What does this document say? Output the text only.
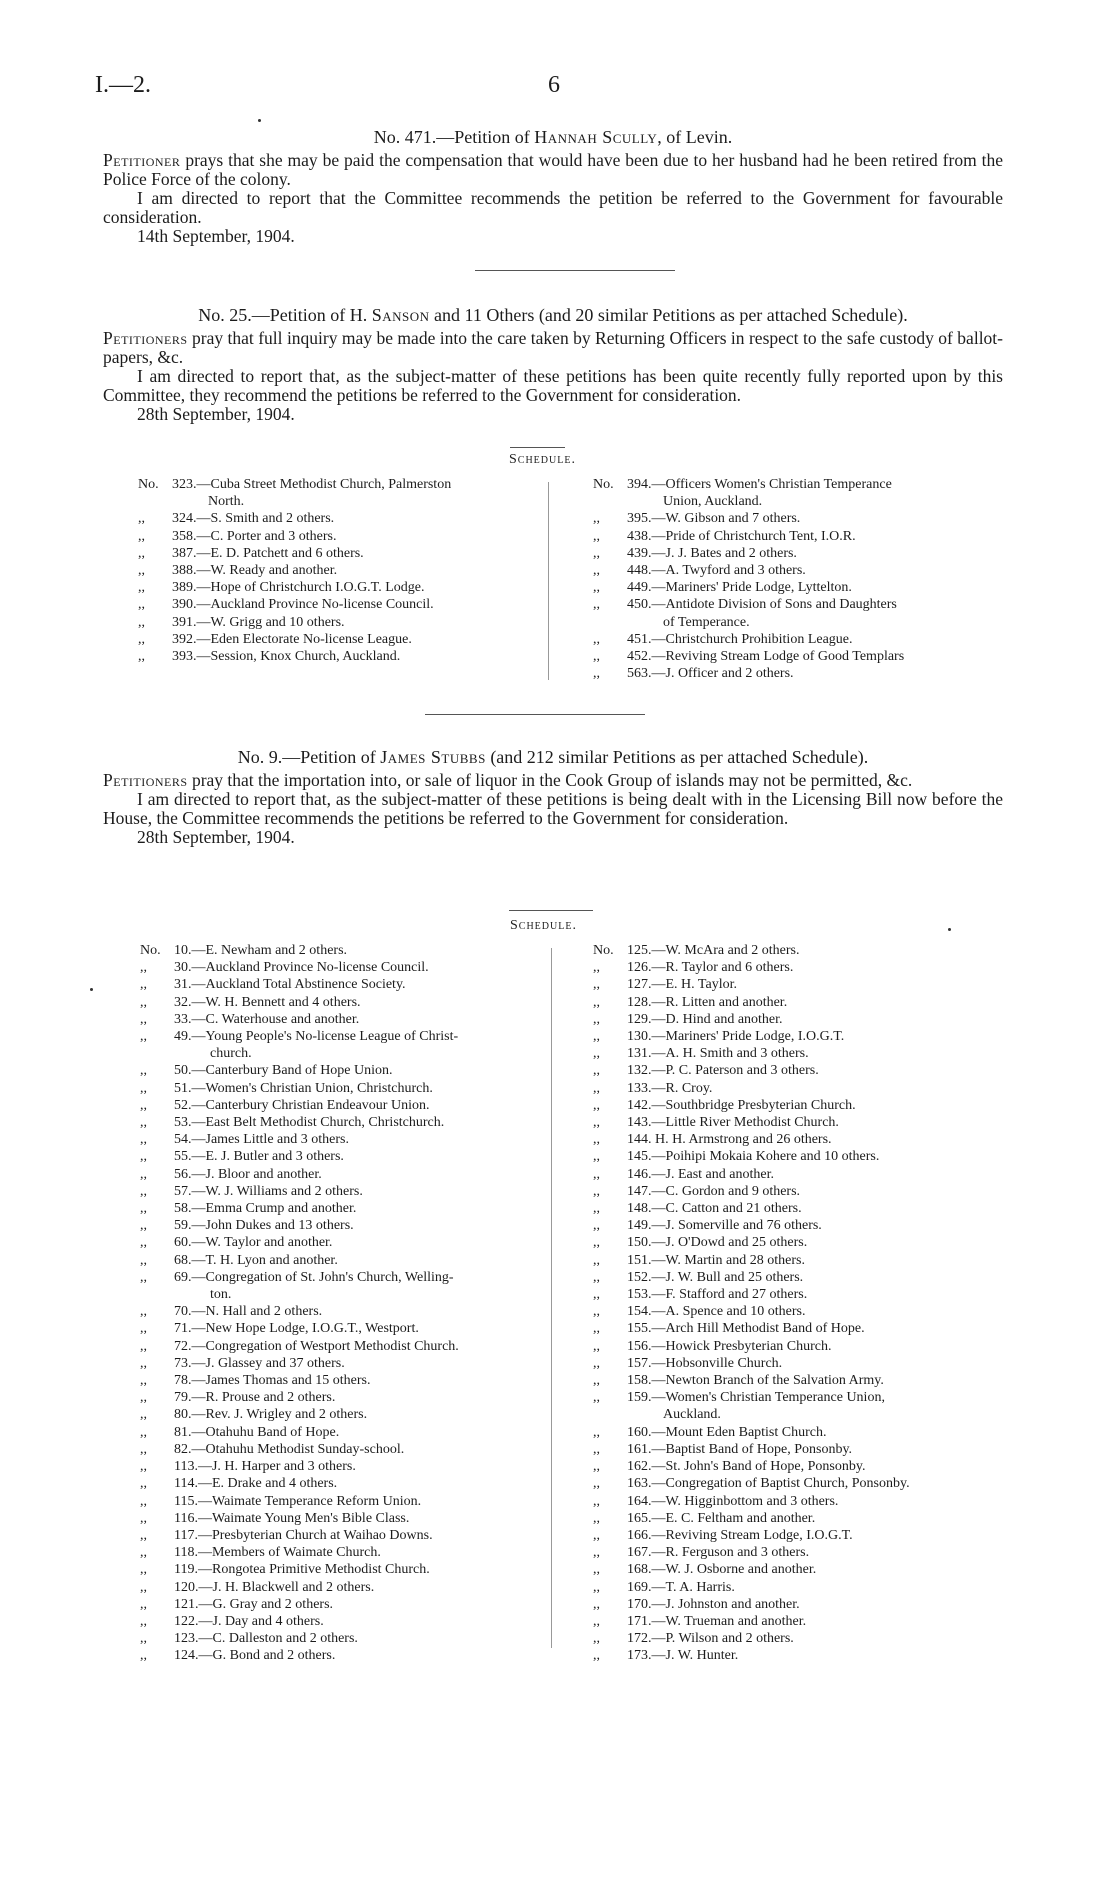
I.—2.	6

No. 471.—Petition of Hannah Scully, of Levin.

Petitioner prays that she may be paid the compensation that would have been due to her husband had he been retired from the Police Force of the colony.

I am directed to report that the Committee recommends the petition be referred to the Government for favourable consideration.

14th September, 1904.

No. 25.—Petition of H. Sanson and 11 Others (and 20 similar Petitions as per attached Schedule).

Petitioners pray that full inquiry may be made into the care taken by Returning Officers in respect to the safe custody of ballot-papers, &c.

I am directed to report that, as the subject-matter of these petitions has been quite recently fully reported upon by this Committee, they recommend the petitions be referred to the Government for consideration.

28th September, 1904.

Schedule.
No. 323.—Cuba Street Methodist Church, Palmerston
North.
,,	324.—S. Smith and 2 others.
,,	358.—C. Porter and 3 others.
,,	387.—E. D. Patchett and 6 others.
,,	388.—W. Ready and another.
,,	389.—Hope of Christchurch I.O.G.T. Lodge.
,,	390.—Auckland Province No-license Council.
,,	391.—W. Grigg and 10 others.
,,	392.—Eden Electorate No-license League.
,,	393.—Session, Knox Church, Auckland.
No. 394.—Officers Women's Christian Temperance
Union, Auckland.
,,	395.—W. Gibson and 7 others.
,,	438.—Pride of Christchurch Tent, I.O.R.
,,	439.—J. J. Bates and 2 others.
,,	448.—A. Twyford and 3 others.
,,	449.—Mariners' Pride Lodge, Lyttelton.
,,	450.—Antidote Division of Sons and Daughters
of Temperance.
,,	451.—Christchurch Prohibition League.
,,	452.—Reviving Stream Lodge of Good Templars
,,	563.—J. Officer and 2 others.

No. 9.—Petition of James Stubbs (and 212 similar Petitions as per attached Schedule).

Petitioners pray that the importation into, or sale of liquor in the Cook Group of islands may not be permitted, &c.

I am directed to report that, as the subject-matter of these petitions is being dealt with in the Licensing Bill now before the House, the Committee recommends the petitions be referred to the Government for consideration.

28th September, 1904.

Schedule.
No. 10.—E. Newham and 2 others.
,,	30.—Auckland Province No-license Council.
,,	31.—Auckland Total Abstinence Society.
,,	32.—W. H. Bennett and 4 others.
,,	33.—C. Waterhouse and another.
,,	49.—Young People's No-license League of Christ-
church.
,,	50.—Canterbury Band of Hope Union.
,,	51.—Women's Christian Union, Christchurch.
,,	52.—Canterbury Christian Endeavour Union.
,,	53.—East Belt Methodist Church, Christchurch.
,,	54.—James Little and 3 others.
,,	55.—E. J. Butler and 3 others.
,,	56.—J. Bloor and another.
,,	57.—W. J. Williams and 2 others.
,,	58.—Emma Crump and another.
,,	59.—John Dukes and 13 others.
,,	60.—W. Taylor and another.
,,	68.—T. H. Lyon and another.
,,	69.—Congregation of St. John's Church, Welling-
ton.
,,	70.—N. Hall and 2 others.
,,	71.—New Hope Lodge, I.O.G.T., Westport.
,,	72.—Congregation of Westport Methodist Church.
,,	73.—J. Glassey and 37 others.
,,	78.—James Thomas and 15 others.
,,	79.—R. Prouse and 2 others.
,,	80.—Rev. J. Wrigley and 2 others.
,,	81.—Otahuhu Band of Hope.
,,	82.—Otahuhu Methodist Sunday-school.
,,	113.—J. H. Harper and 3 others.
,,	114.—E. Drake and 4 others.
,,	115.—Waimate Temperance Reform Union.
,,	116.—Waimate Young Men's Bible Class.
,,	117.—Presbyterian Church at Waihao Downs.
,,	118.—Members of Waimate Church.
,,	119.—Rongotea Primitive Methodist Church.
,,	120.—J. H. Blackwell and 2 others.
,,	121.—G. Gray and 2 others.
,,	122.—J. Day and 4 others.
,,	123.—C. Dalleston and 2 others.
,,	124.—G. Bond and 2 others.
No. 125.—W. McAra and 2 others.
,,	126.—R. Taylor and 6 others.
,,	127.—E. H. Taylor.
,,	128.—R. Litten and another.
,,	129.—D. Hind and another.
,,	130.—Mariners' Pride Lodge, I.O.G.T.
,,	131.—A. H. Smith and 3 others.
,,	132.—P. C. Paterson and 3 others.
,,	133.—R. Croy.
,,	142.—Southbridge Presbyterian Church.
,,	143.—Little River Methodist Church.
,,	144. H. H. Armstrong and 26 others.
,,	145.—Poihipi Mokaia Kohere and 10 others.
,,	146.—J. East and another.
,,	147.—C. Gordon and 9 others.
,,	148.—C. Catton and 21 others.
,,	149.—J. Somerville and 76 others.
,,	150.—J. O'Dowd and 25 others.
,,	151.—W. Martin and 28 others.
,,	152.—J. W. Bull and 25 others.
,,	153.—F. Stafford and 27 others.
,,	154.—A. Spence and 10 others.
,,	155.—Arch Hill Methodist Band of Hope.
,,	156.—Howick Presbyterian Church.
,,	157.—Hobsonville Church.
,,	158.—Newton Branch of the Salvation Army.
,,	159.—Women's Christian Temperance Union,
Auckland.
,,	160.—Mount Eden Baptist Church.
,,	161.—Baptist Band of Hope, Ponsonby.
,,	162.—St. John's Band of Hope, Ponsonby.
,,	163.—Congregation of Baptist Church, Ponsonby.
,,	164.—W. Higginbottom and 3 others.
,,	165.—E. C. Feltham and another.
,,	166.—Reviving Stream Lodge, I.O.G.T.
,,	167.—R. Ferguson and 3 others.
,,	168.—W. J. Osborne and another.
,,	169.—T. A. Harris.
,,	170.—J. Johnston and another.
,,	171.—W. Trueman and another.
,,	172.—P. Wilson and 2 others.
,,	173.—J. W. Hunter.
